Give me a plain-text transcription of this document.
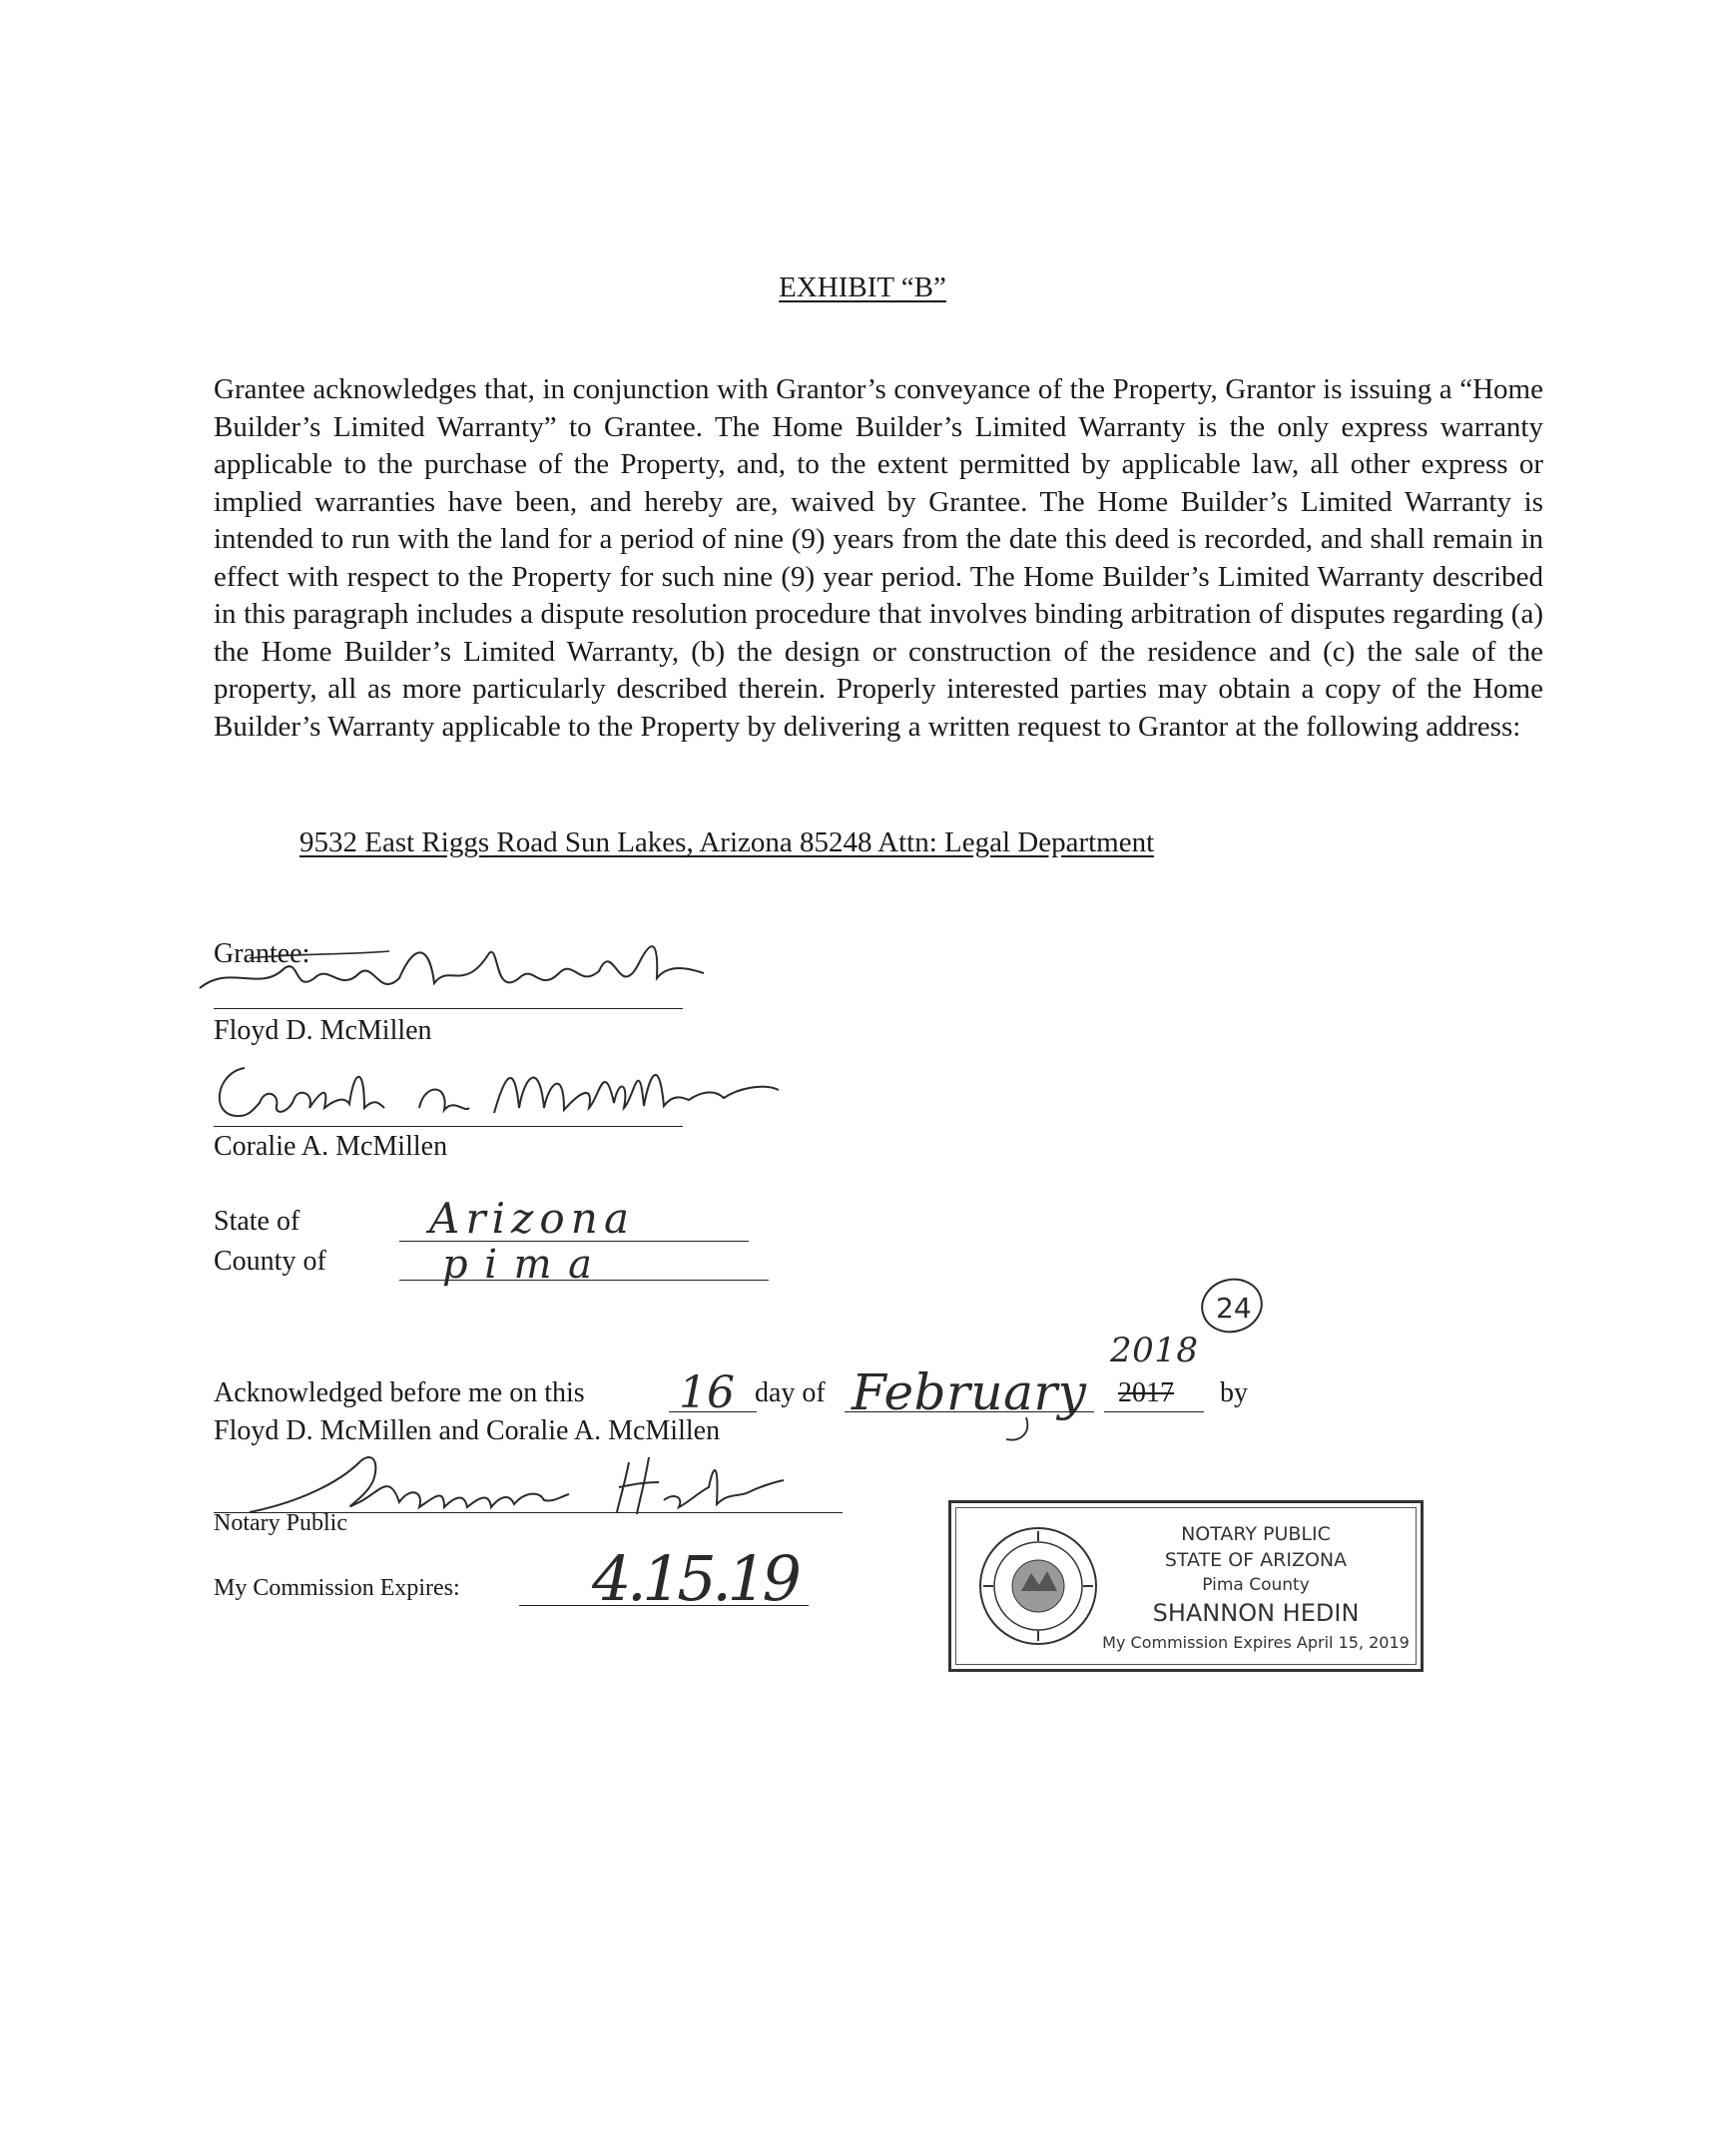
EXHIBIT “B”
Grantee acknowledges that, in conjunction with Grantor’s conveyance of the Property, Grantor is issuing a “Home Builder’s Limited Warranty” to Grantee. The Home Builder’s Limited Warranty is the only express warranty applicable to the purchase of the Property, and, to the extent permitted by applicable law, all other express or implied warranties have been, and hereby are, waived by Grantee. The Home Builder’s Limited Warranty is intended to run with the land for a period of nine (9) years from the date this deed is recorded, and shall remain in effect with respect to the Property for such nine (9) year period. The Home Builder’s Limited Warranty described in this paragraph includes a dispute resolution procedure that involves binding arbitration of disputes regarding (a) the Home Builder’s Limited Warranty, (b) the design or construction of the residence and (c) the sale of the property, all as more particularly described therein. Properly interested parties may obtain a copy of the Home Builder’s Warranty applicable to the Property by delivering a written request to Grantor at the following address:
9532 East Riggs Road Sun Lakes, Arizona 85248 Attn: Legal Department
Grantee:
Floyd D. McMillen
Coralie A. McMillen
State of	Arizona
County of	pima
24
Acknowledged before me on this 16 day of February 2017
2018
by
Floyd D. McMillen and Coralie A. McMillen
Notary Public
My Commission Expires: 4.15.19
NOTARY PUBLIC
STATE OF ARIZONA
Pima County
SHANNON HEDIN
My Commission Expires April 15, 2019
